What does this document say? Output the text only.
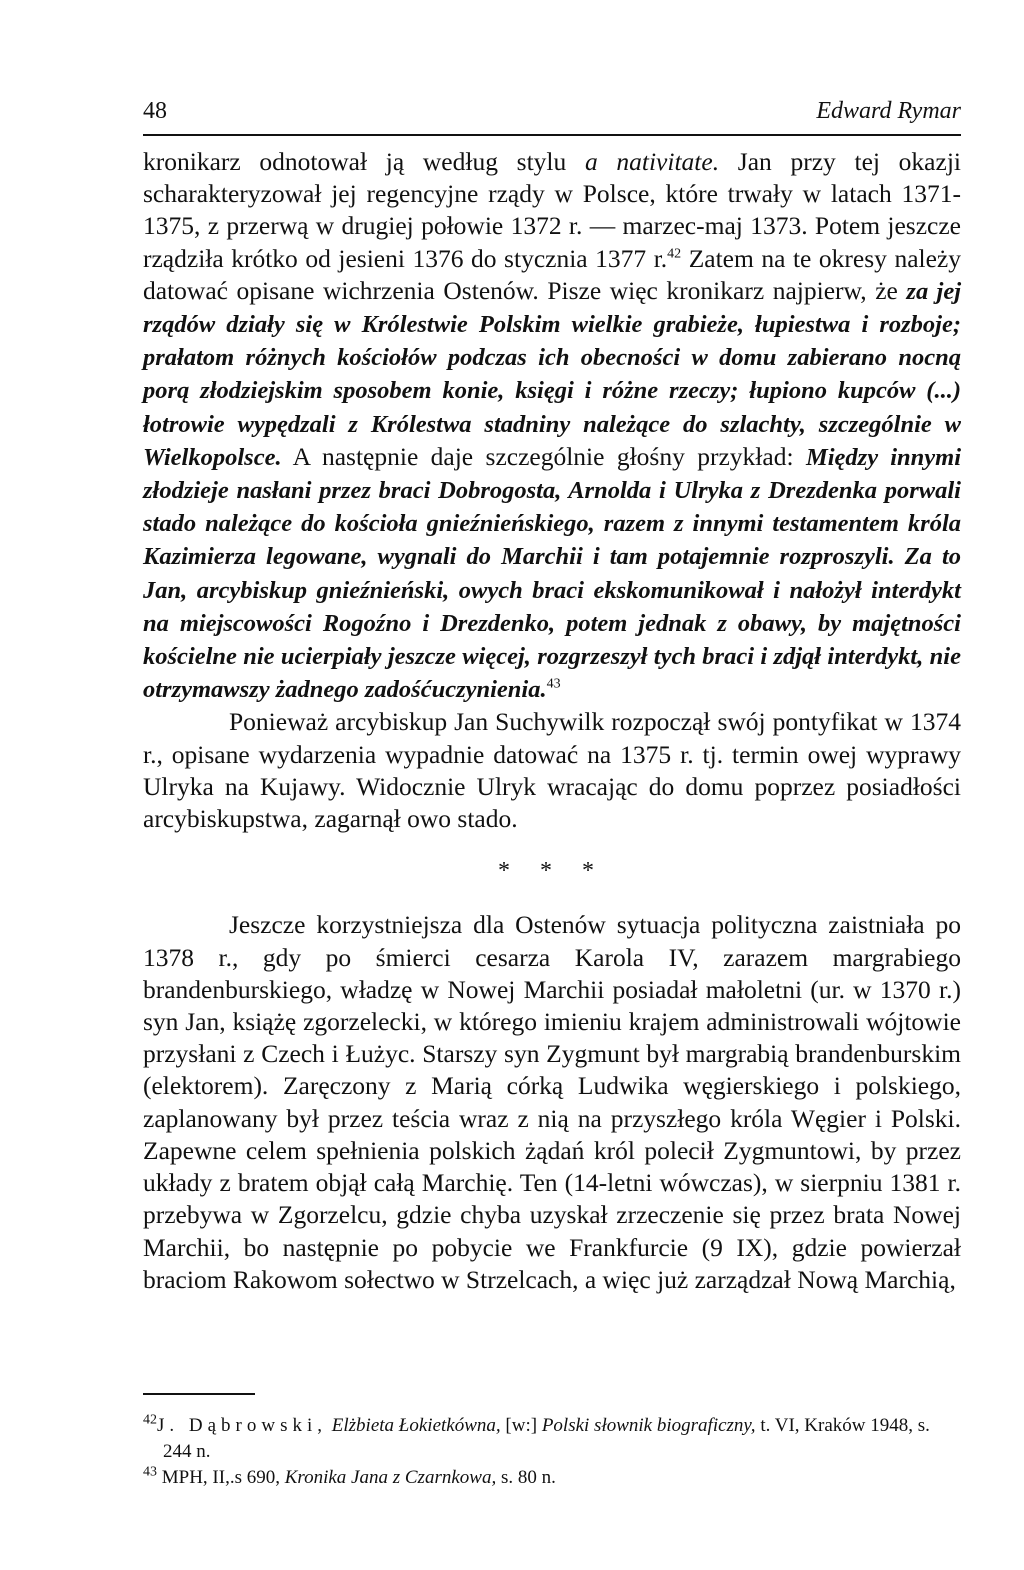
48	Edward Rymar

kronikarz odnotował ją według stylu a nativitate. Jan przy tej okazji scharakteryzował jej regencyjne rządy w Polsce, które trwały w latach 1371-1375, z przerwą w drugiej połowie 1372 r. — marzec-maj 1373. Potem jeszcze rządziła krótko od jesieni 1376 do stycznia 1377 r.$^{42}$ Zatem na te okresy należy datować opisane wichrzenia Ostenów. Pisze więc kronikarz najpierw, że za jej rządów działy się w Królestwie Polskim wielkie grabieże, łupiestwa i rozboje; prałatom różnych kościołów podczas ich obecności w domu zabierano nocną porą złodziejskim sposobem konie, księgi i różne rzeczy; łupiono kupców (...) łotrowie wypędzali z Królestwa stadniny należące do szlachty, szczególnie w Wielkopolsce. A następnie daje szczególnie głośny przykład: Między innymi złodzieje nasłani przez braci Dobrogosta, Arnolda i Ulryka z Drezdenka porwali stado należące do kościoła gnieźnieńskiego, razem z innymi testamentem króla Kazimierza legowane, wygnali do Marchii i tam potajemnie rozproszyli. Za to Jan, arcybiskup gnieźnieński, owych braci ekskomunikował i nałożył interdykt na miejscowości Rogoźno i Drezdenko, potem jednak z obawy, by majętności kościelne nie ucierpiały jeszcze więcej, rozgrzeszył tych braci i zdjął interdykt, nie otrzymawszy żadnego zadośćuczynienia.$^{43}$

Ponieważ arcybiskup Jan Suchywilk rozpoczął swój pontyfikat w 1374 r., opisane wydarzenia wypadnie datować na 1375 r. tj. termin owej wyprawy Ulryka na Kujawy. Widocznie Ulryk wracając do domu poprzez posiadłości arcybiskupstwa, zagarnął owo stado.

* * *

Jeszcze korzystniejsza dla Ostenów sytuacja polityczna zaistniała po 1378 r., gdy po śmierci cesarza Karola IV, zarazem margrabiego brandenburskiego, władzę w Nowej Marchii posiadał małoletni (ur. w 1370 r.) syn Jan, książę zgorzelecki, w którego imieniu krajem administrowali wójtowie przysłani z Czech i Łużyc. Starszy syn Zygmunt był margrabią brandenburskim (elektorem). Zaręczony z Marią córką Ludwika węgierskiego i polskiego, zaplanowany był przez teścia wraz z nią na przyszłego króla Węgier i Polski. Zapewne celem spełnienia polskich żądań król polecił Zygmuntowi, by przez układy z bratem objął całą Marchię. Ten (14-letni wówczas), w sierpniu 1381 r. przebywa w Zgorzelcu, gdzie chyba uzyskał zrzeczenie się przez brata Nowej Marchii, bo następnie po pobycie we Frankfurcie (9 IX), gdzie powierzał braciom Rakowom sołectwo w Strzelcach, a więc już zarządzał Nową Marchią,

$^{42}$J. Dąbrowski, Elżbieta Łokietkówna, [w:] Polski słownik biograficzny, t. VI, Kraków 1948, s. 244 n.

$^{43}$ MPH, II,.s 690, Kronika Jana z Czarnkowa, s. 80 n.
